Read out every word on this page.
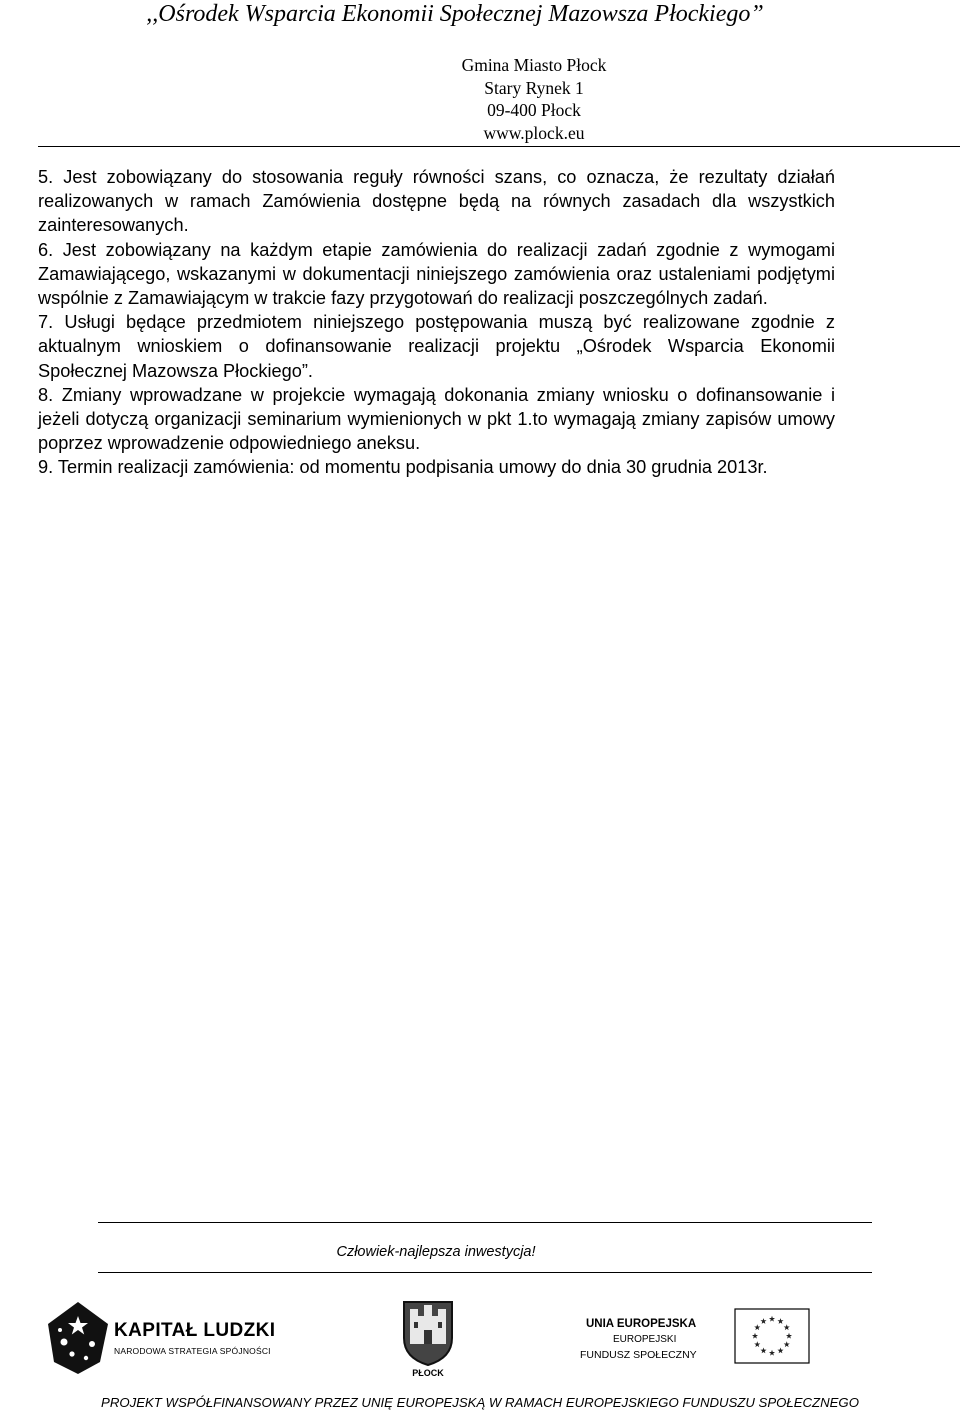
,,Ośrodek Wsparcia Ekonomii Społecznej Mazowsza Płockiego”
Gmina Miasto Płock
Stary Rynek 1
09-400 Płock
www.plock.eu

5. Jest zobowiązany do stosowania reguły równości szans, co oznacza, że rezultaty działań realizowanych w ramach Zamówienia dostępne będą na równych zasadach dla wszystkich zainteresowanych.

6. Jest zobowiązany na każdym etapie zamówienia do realizacji zadań zgodnie z wymogami Zamawiającego, wskazanymi w dokumentacji niniejszego zamówienia oraz ustaleniami podjętymi wspólnie z Zamawiającym w trakcie fazy przygotowań do realizacji poszczególnych zadań.

7. Usługi będące przedmiotem niniejszego postępowania muszą być realizowane zgodnie z aktualnym wnioskiem o dofinansowanie realizacji projektu „Ośrodek Wsparcia Ekonomii Społecznej Mazowsza Płockiego”.

8. Zmiany wprowadzane w projekcie wymagają dokonania zmiany wniosku o dofinansowanie i jeżeli dotyczą organizacji seminarium wymienionych w pkt 1.to wymagają zmiany zapisów umowy poprzez wprowadzenie odpowiedniego aneksu.

9. Termin realizacji zamówienia: od momentu podpisania umowy do dnia 30 grudnia 2013r.

Człowiek-najlepsza inwestycja!
KAPITAŁ LUDZKI
NARODOWA STRATEGIA SPÓJNOŚCI
PŁOCK
UNIA EUROPEJSKA
EUROPEJSKI
FUNDUSZ SPOŁECZNY
PROJEKT WSPÓŁFINANSOWANY PRZEZ UNIĘ EUROPEJSKĄ W RAMACH EUROPEJSKIEGO FUNDUSZU SPOŁECZNEGO
